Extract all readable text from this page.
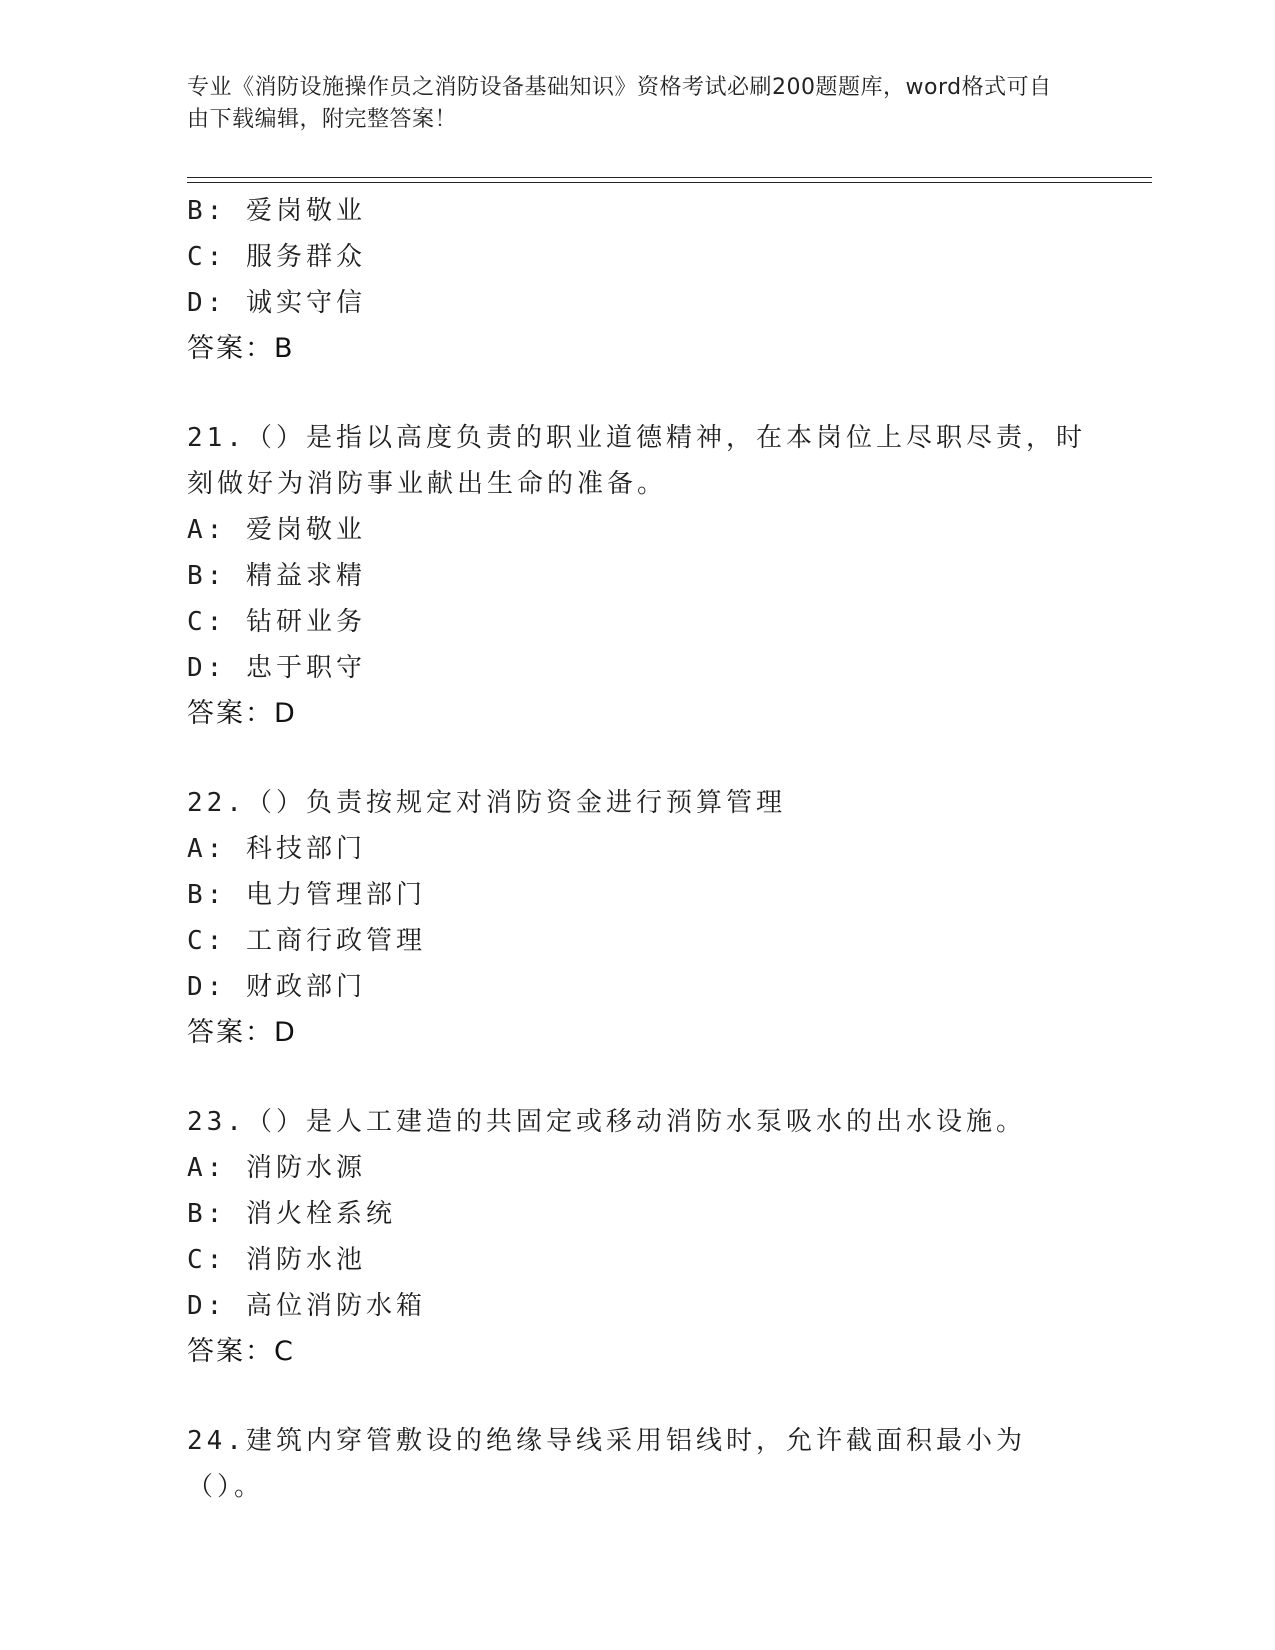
专业《消防设施操作员之消防设备基础知识》资格考试必刷200题题库，word格式可自由下载编辑，附完整答案！
B: 爱岗敬业
C: 服务群众
D: 诚实守信
答案：B
21.（）是指以高度负责的职业道德精神，在本岗位上尽职尽责，时刻做好为消防事业献出生命的准备。
A: 爱岗敬业
B: 精益求精
C: 钻研业务
D: 忠于职守
答案：D
22.（）负责按规定对消防资金进行预算管理
A: 科技部门
B: 电力管理部门
C: 工商行政管理
D: 财政部门
答案：D
23.（）是人工建造的共固定或移动消防水泵吸水的出水设施。
A: 消防水源
B: 消火栓系统
C: 消防水池
D: 高位消防水箱
答案：C
24.建筑内穿管敷设的绝缘导线采用铝线时，允许截面积最小为（）。
